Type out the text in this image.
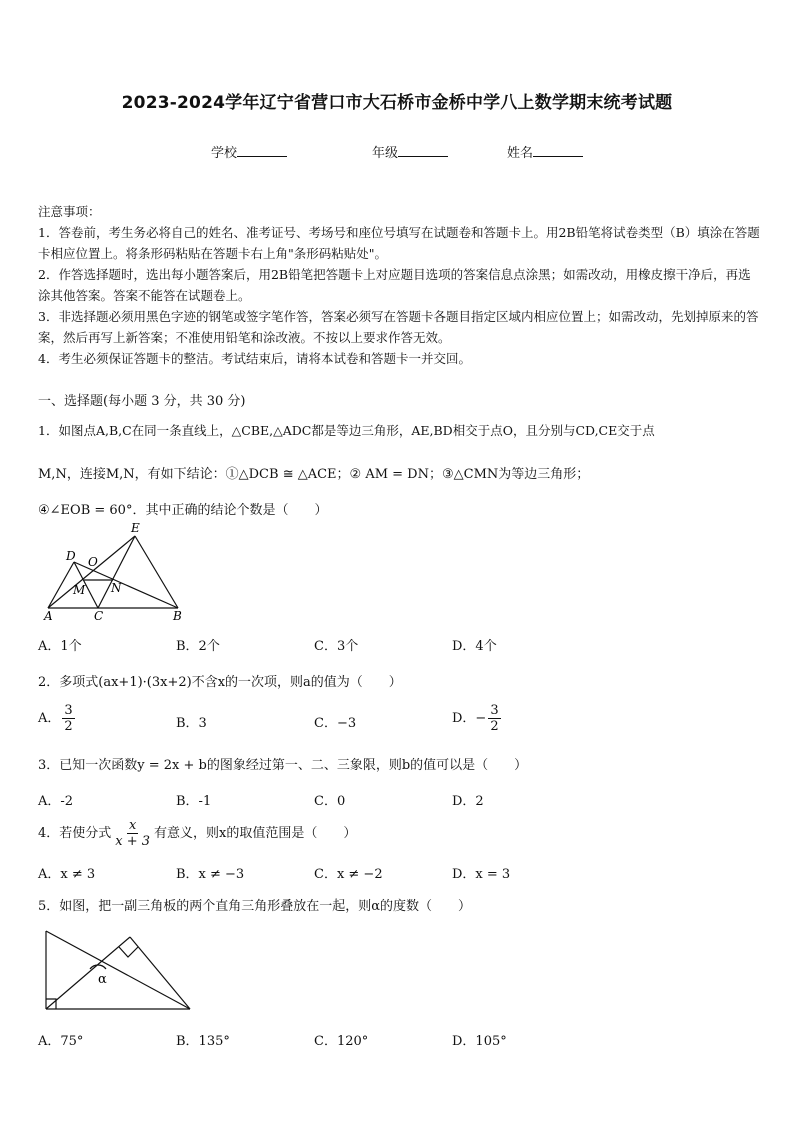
2023-2024学年辽宁省营口市大石桥市金桥中学八上数学期末统考试题
学校	年级	姓名

注意事项：

1．答卷前，考生务必将自己的姓名、准考证号、考场号和座位号填写在试题卷和答题卡上。用2B铅笔将试卷类型（B）填涂在答题卡相应位置上。将条形码粘贴在答题卡右上角"条形码粘贴处"。

2．作答选择题时，选出每小题答案后，用2B铅笔把答题卡上对应题目选项的答案信息点涂黑；如需改动，用橡皮擦干净后，再选涂其他答案。答案不能答在试题卷上。

3．非选择题必须用黑色字迹的钢笔或签字笔作答，答案必须写在答题卡各题目指定区域内相应位置上；如需改动，先划掉原来的答案，然后再写上新答案；不准使用铅笔和涂改液。不按以上要求作答无效。

4．考生必须保证答题卡的整洁。考试结束后，请将本试卷和答题卡一并交回。

一、选择题(每小题 3 分，共 30 分)
1．如图点A,B,C在同一条直线上，△CBE,△ADC都是等边三角形，AE,BD相交于点O，且分别与CD,CE交于点
M,N，连接M,N，有如下结论：①△DCB ≅ △ACE；② AM = DN；③△CMN为等边三角形；
④∠EOB = 60°．其中正确的结论个数是（　　）
E
D O
M N
A	C	B
A．1个	B．2个	C．3个	D．4个
2．多项式(ax+1)·(3x+2)不含x的一次项，则a的值为（　　）
A． $\frac{3}{2}$	B．3	C．−3	D．− $\frac{3}{2}$
3．已知一次函数y = 2x + b的图象经过第一、二、三象限，则b的值可以是（　　）
A．-2	B．-1	C．0	D．2
4．若使分式 $\frac{x}{x + 3}$ 有意义，则x的取值范围是（　　）
A．x ≠ 3	B．x ≠ −3	C．x ≠ −2	D．x = 3
5．如图，把一副三角板的两个直角三角形叠放在一起，则α的度数（　　）
α
A．75°	B．135°	C．120°	D．105°
